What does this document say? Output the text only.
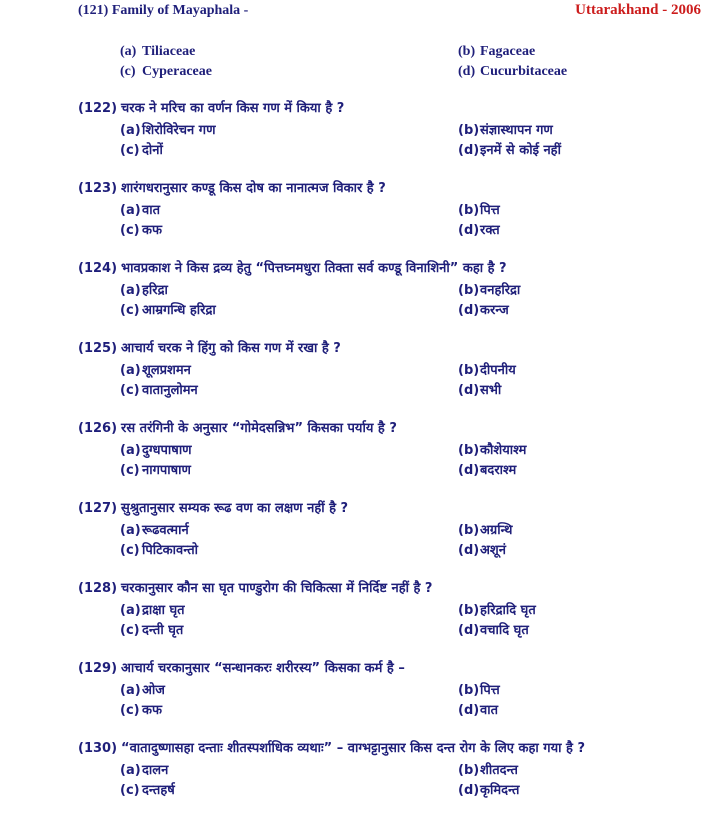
(121) Family of Mayaphala -	Uttarakhand - 2006
(a) Tiliaceae	(b) Fagaceae
(c) Cyperaceae	(d) Cucurbitaceae
(122) चरक ने मरिच का वर्णन किस गण में किया है ?
(a)शिरोविरेचन गण	(b)संज्ञास्थापन गण
(c) दोनों	(d)इनमें से कोई नहीं
(123) शारंगधरानुसार कण्डू किस दोष का नानात्मज विकार है ?
(a)वात	(b)पित्त
(c) कफ	(d)रक्त
(124) भावप्रकाश ने किस द्रव्य हेतु “पित्तघ्नमधुरा तिक्ता सर्व कण्डू विनाशिनी” कहा है ?
(a)हरिद्रा	(b)वनहरिद्रा
(c) आम्रगन्धि हरिद्रा	(d)करन्ज
(125) आचार्य चरक ने हिंगु को किस गण में रखा है ?
(a)शूलप्रशमन	(b)दीपनीय
(c) वातानुलोमन	(d)सभी
(126) रस तरंगिनी के अनुसार “गोमेदसन्निभ” किसका पर्याय है ?
(a)दुग्धपाषाण	(b)कौशेयाश्म
(c) नागपाषाण	(d)बदराश्म
(127) सुश्रुतानुसार सम्यक रूढ वण का लक्षण नहीं है ?
(a)रूढवत्मार्न	(b)अग्रन्थि
(c) पिटिकावन्तो	(d)अशूनं
(128) चरकानुसार कौन सा घृत पाण्डुरोग की चिकित्सा में निर्दिष्ट नहीं है ?
(a)द्राक्षा घृत	(b)हरिद्रादि घृत
(c) दन्ती घृत	(d)वचादि घृत
(129) आचार्य चरकानुसार “सन्धानकरः शरीरस्य” किसका कर्म है –
(a)ओज	(b)पित्त
(c) कफ	(d)वात
(130) “वातादुष्णासहा दन्ताः शीतस्पर्शाधिक व्यथाः” – वाग्भट्टानुसार किस दन्त रोग के लिए कहा गया है ?
(a)दालन	(b)शीतदन्त
(c) दन्तहर्ष	(d)कृमिदन्त
